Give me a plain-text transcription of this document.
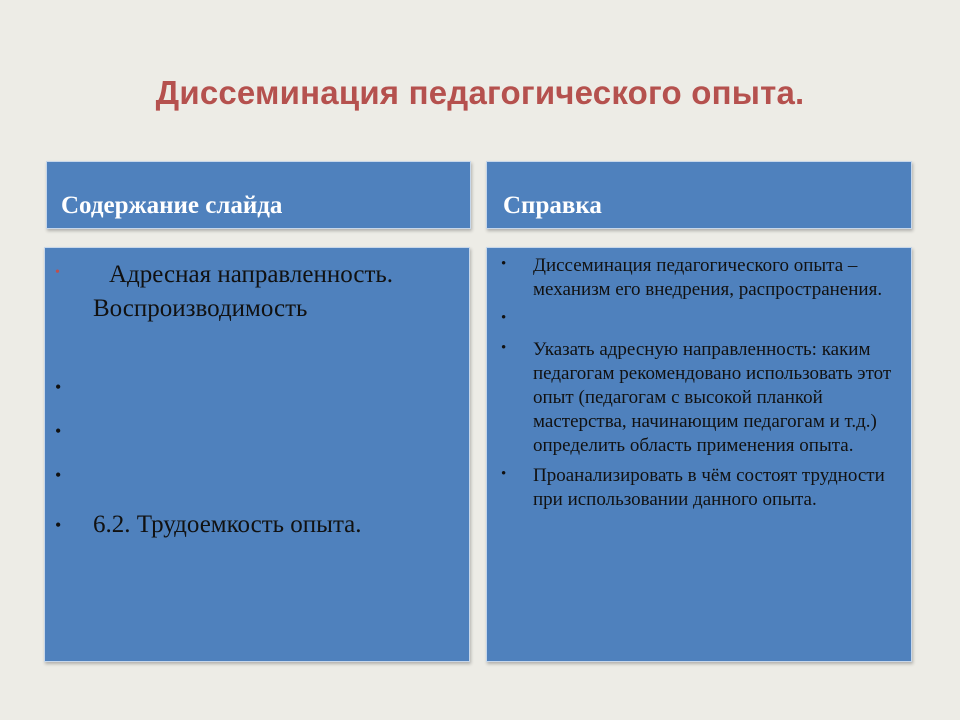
Диссеминация педагогического опыта.
Содержание слайда	Справка
• Адресная направленность. Воспроизводимость
•
•
•
• 6.2. Трудоемкость опыта.
• Диссеминация педагогического опыта – механизм его внедрения, распространения.
•
• Указать адресную направленность: каким педагогам рекомендовано использовать этот опыт (педагогам с высокой планкой мастерства, начинающим педагогам и т.д.) определить область применения опыта.
• Проанализировать в чём состоят трудности при использовании данного опыта.
